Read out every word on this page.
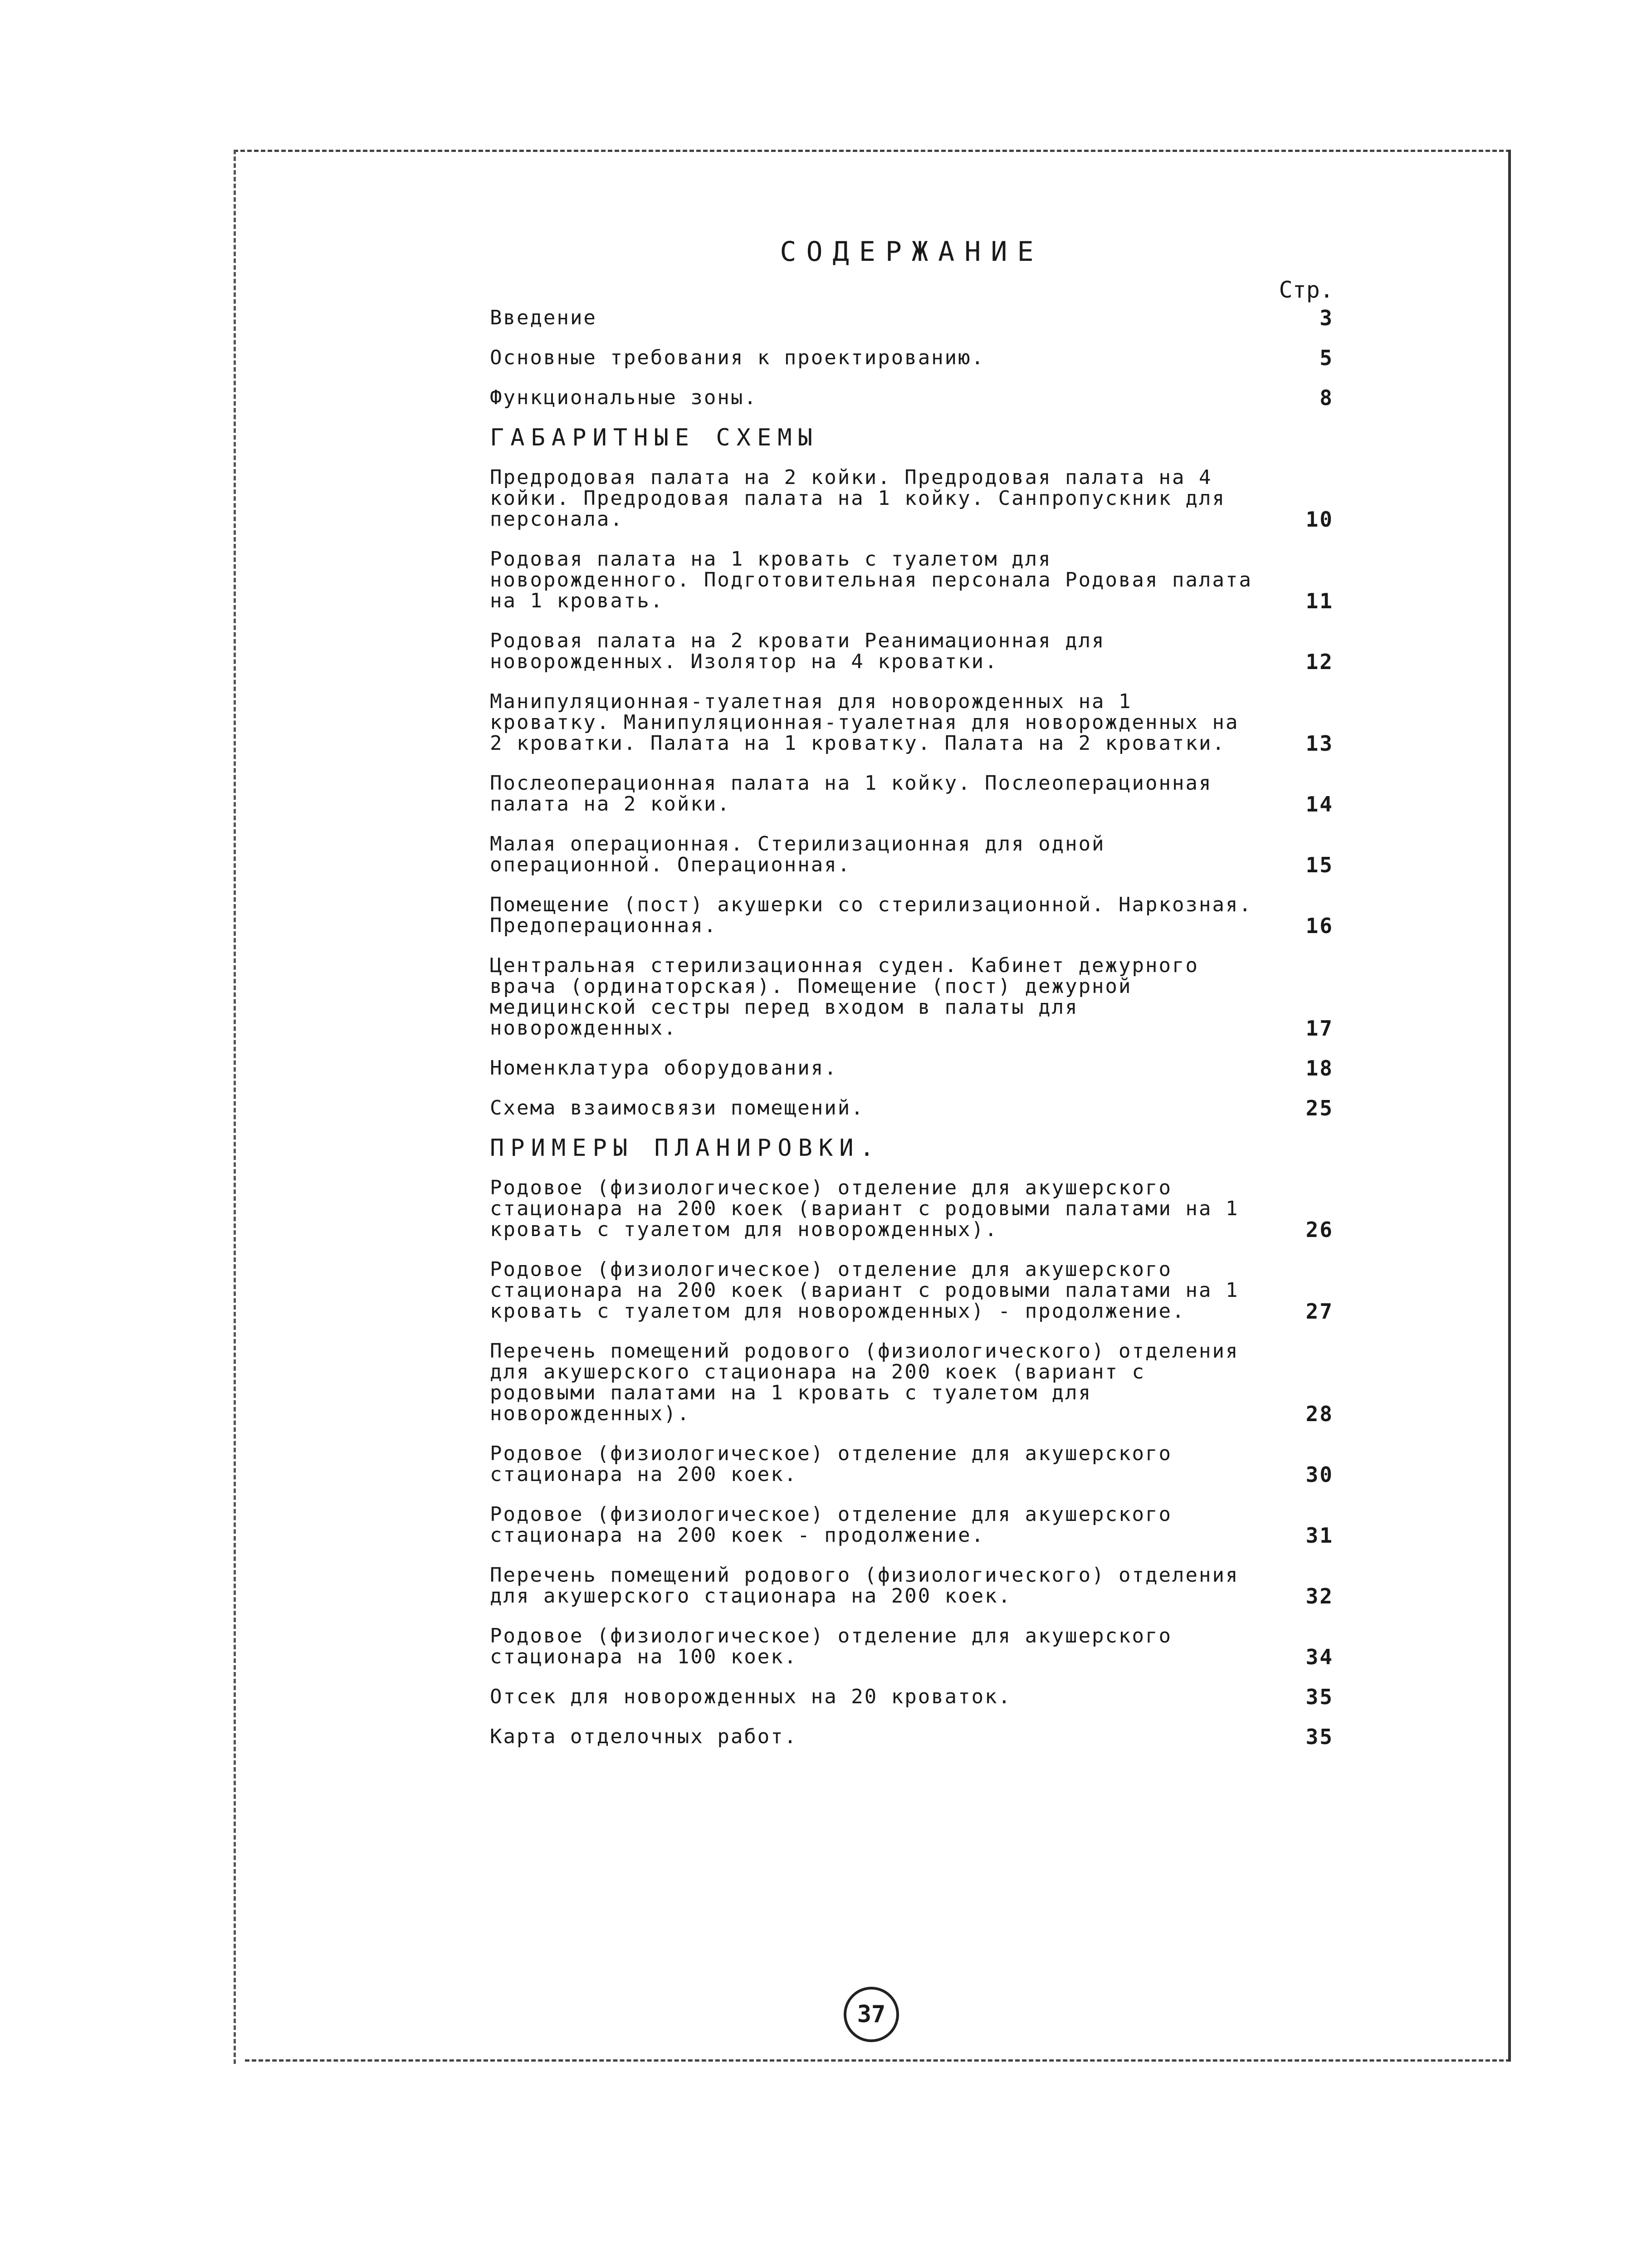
СОДЕРЖАНИЕ
Стр.
Введение	3
Основные требования к проектированию.	5
Функциональные зоны.	8
ГАБАРИТНЫЕ СХЕМЫ
Предродовая палата на 2 койки. Предродовая палата на 4 койки. Предродовая палата на 1 койку. Санпропускник для персонала.	10
Родовая палата на 1 кровать с туалетом для новорожденного. Подготовительная персонала Родовая палата на 1 кровать.	11
Родовая палата на 2 кровати Реанимационная для новорожденных. Изолятор на 4 кроватки.	12
Манипуляционная-туалетная для новорожденных на 1 кроватку. Манипуляционная-туалетная для новорожденных на 2 кроватки. Палата на 1 кроватку. Палата на 2 кроватки.	13
Послеоперационная палата на 1 койку. Послеоперационная палата на 2 койки.	14
Малая операционная. Стерилизационная для одной операционной. Операционная.	15
Помещение (пост) акушерки со стерилизационной. Наркозная. Предоперационная.	16
Центральная стерилизационная суден. Кабинет дежурного врача (ординаторская). Помещение (пост) дежурной медицинской сестры перед входом в палаты для новорожденных.	17
Номенклатура оборудования.	18
Схема взаимосвязи помещений.	25
ПРИМЕРЫ ПЛАНИРОВКИ.
Родовое (физиологическое) отделение для акушерского стационара на 200 коек (вариант с родовыми палатами на 1 кровать с туалетом для новорожденных).	26
Родовое (физиологическое) отделение для акушерского стационара на 200 коек (вариант с родовыми палатами на 1 кровать с туалетом для новорожденных) - продолжение.	27
Перечень помещений родового (физиологического) отделения для акушерского стационара на 200 коек (вариант с родовыми палатами на 1 кровать с туалетом для новорожденных).	28
Родовое (физиологическое) отделение для акушерского стационара на 200 коек.	30
Родовое (физиологическое) отделение для акушерского стационара на 200 коек - продолжение.	31
Перечень помещений родового (физиологического) отделения для акушерского стационара на 200 коек.	32
Родовое (физиологическое) отделение для акушерского стационара на 100 коек.	34
Отсек для новорожденных на 20 кроваток.	35
Карта отделочных работ.	35
37
